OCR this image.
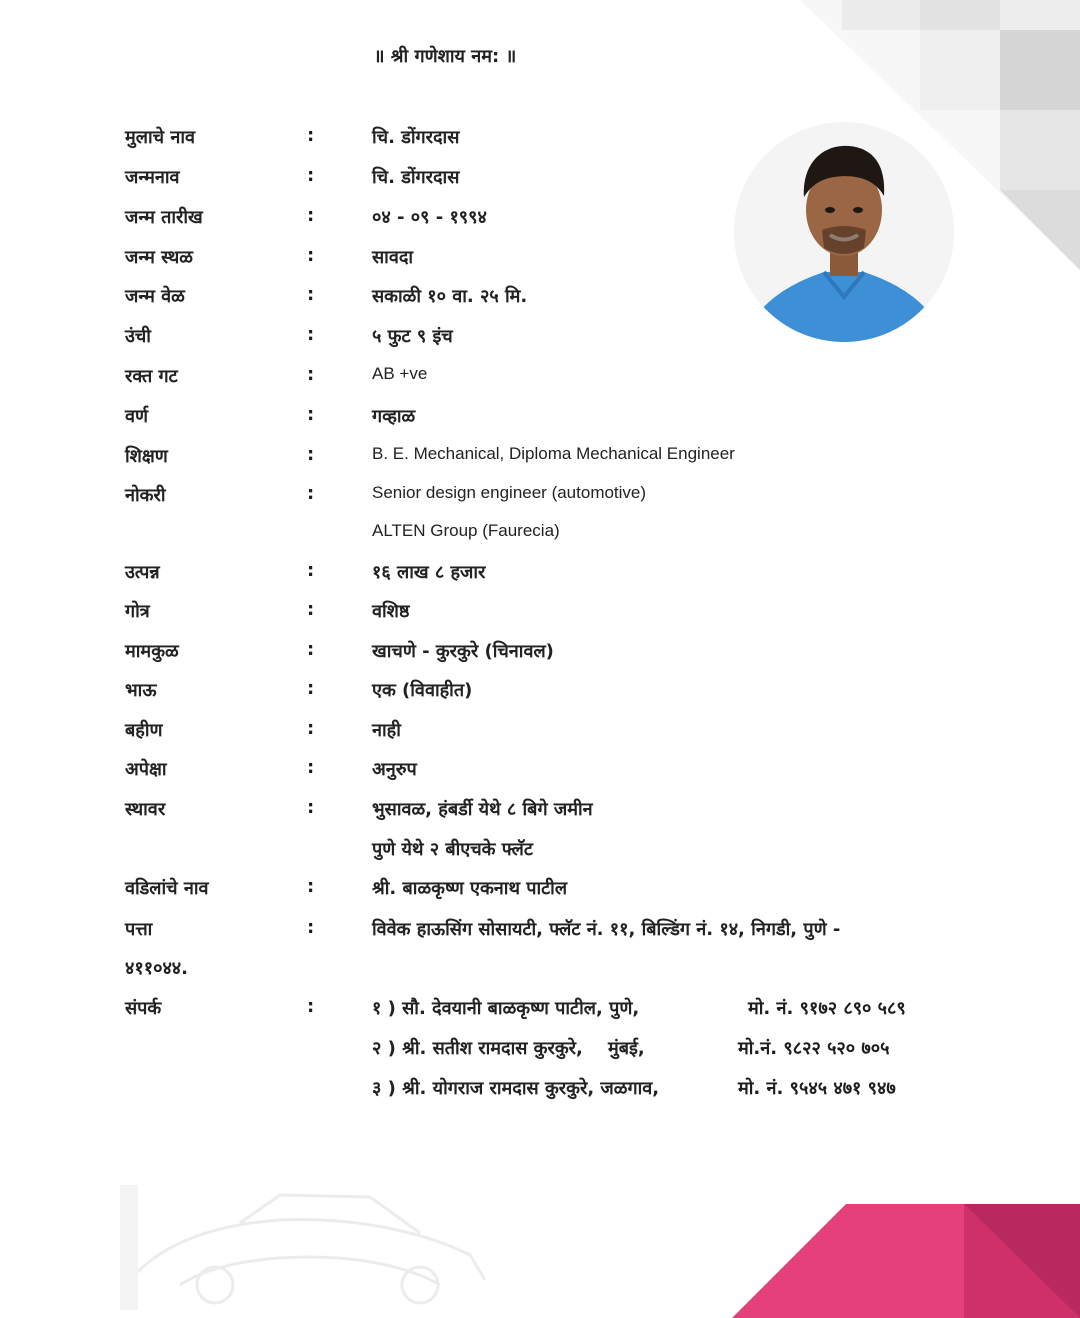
॥ श्री गणेशाय नम: ॥
मुलाचे नाव	:	चि. डोंगरदास
जन्मनाव	:	चि. डोंगरदास
जन्म तारीख	:	०४ - ०९ - १९९४
जन्म स्थळ	:	सावदा
जन्म वेळ	:	सकाळी १० वा. २५ मि.
उंची	:	५ फुट ९ इंच
रक्त गट	:	AB +ve
वर्ण	:	गव्हाळ
शिक्षण	:	B. E. Mechanical, Diploma Mechanical Engineer
नोकरी	:	Senior design engineer (automotive)
ALTEN Group (Faurecia)
उत्पन्न	:	१६ लाख ८ हजार
गोत्र	:	वशिष्ठ
मामकुळ	:	खाचणे - कुरकुरे (चिनावल)
भाऊ	:	एक (विवाहीत)
बहीण	:	नाही
अपेक्षा	:	अनुरुप
स्थावर	:	भुसावळ, हंबर्डी येथे ८ बिगे जमीन
पुणे येथे २ बीएचके फ्लॅट
वडिलांचे नाव	:	श्री. बाळकृष्ण एकनाथ पाटील
पत्ता	:	विवेक हाऊसिंग सोसायटी, फ्लॅट नं. ११, बिल्डिंग नं. १४, निगडी, पुणे -
४११०४४.
संपर्क	:	१ ) सौ. देवयानी बाळकृष्ण पाटील, पुणे,	मो. नं. ९१७२ ८९० ५८९
२ ) श्री. सतीश रामदास कुरकुरे,    मुंबई,	मो.नं. ९८२२ ५२० ७०५
३ ) श्री. योगराज रामदास कुरकुरे, जळगाव,	मो. नं. ९५४५ ४७१ ९४७
